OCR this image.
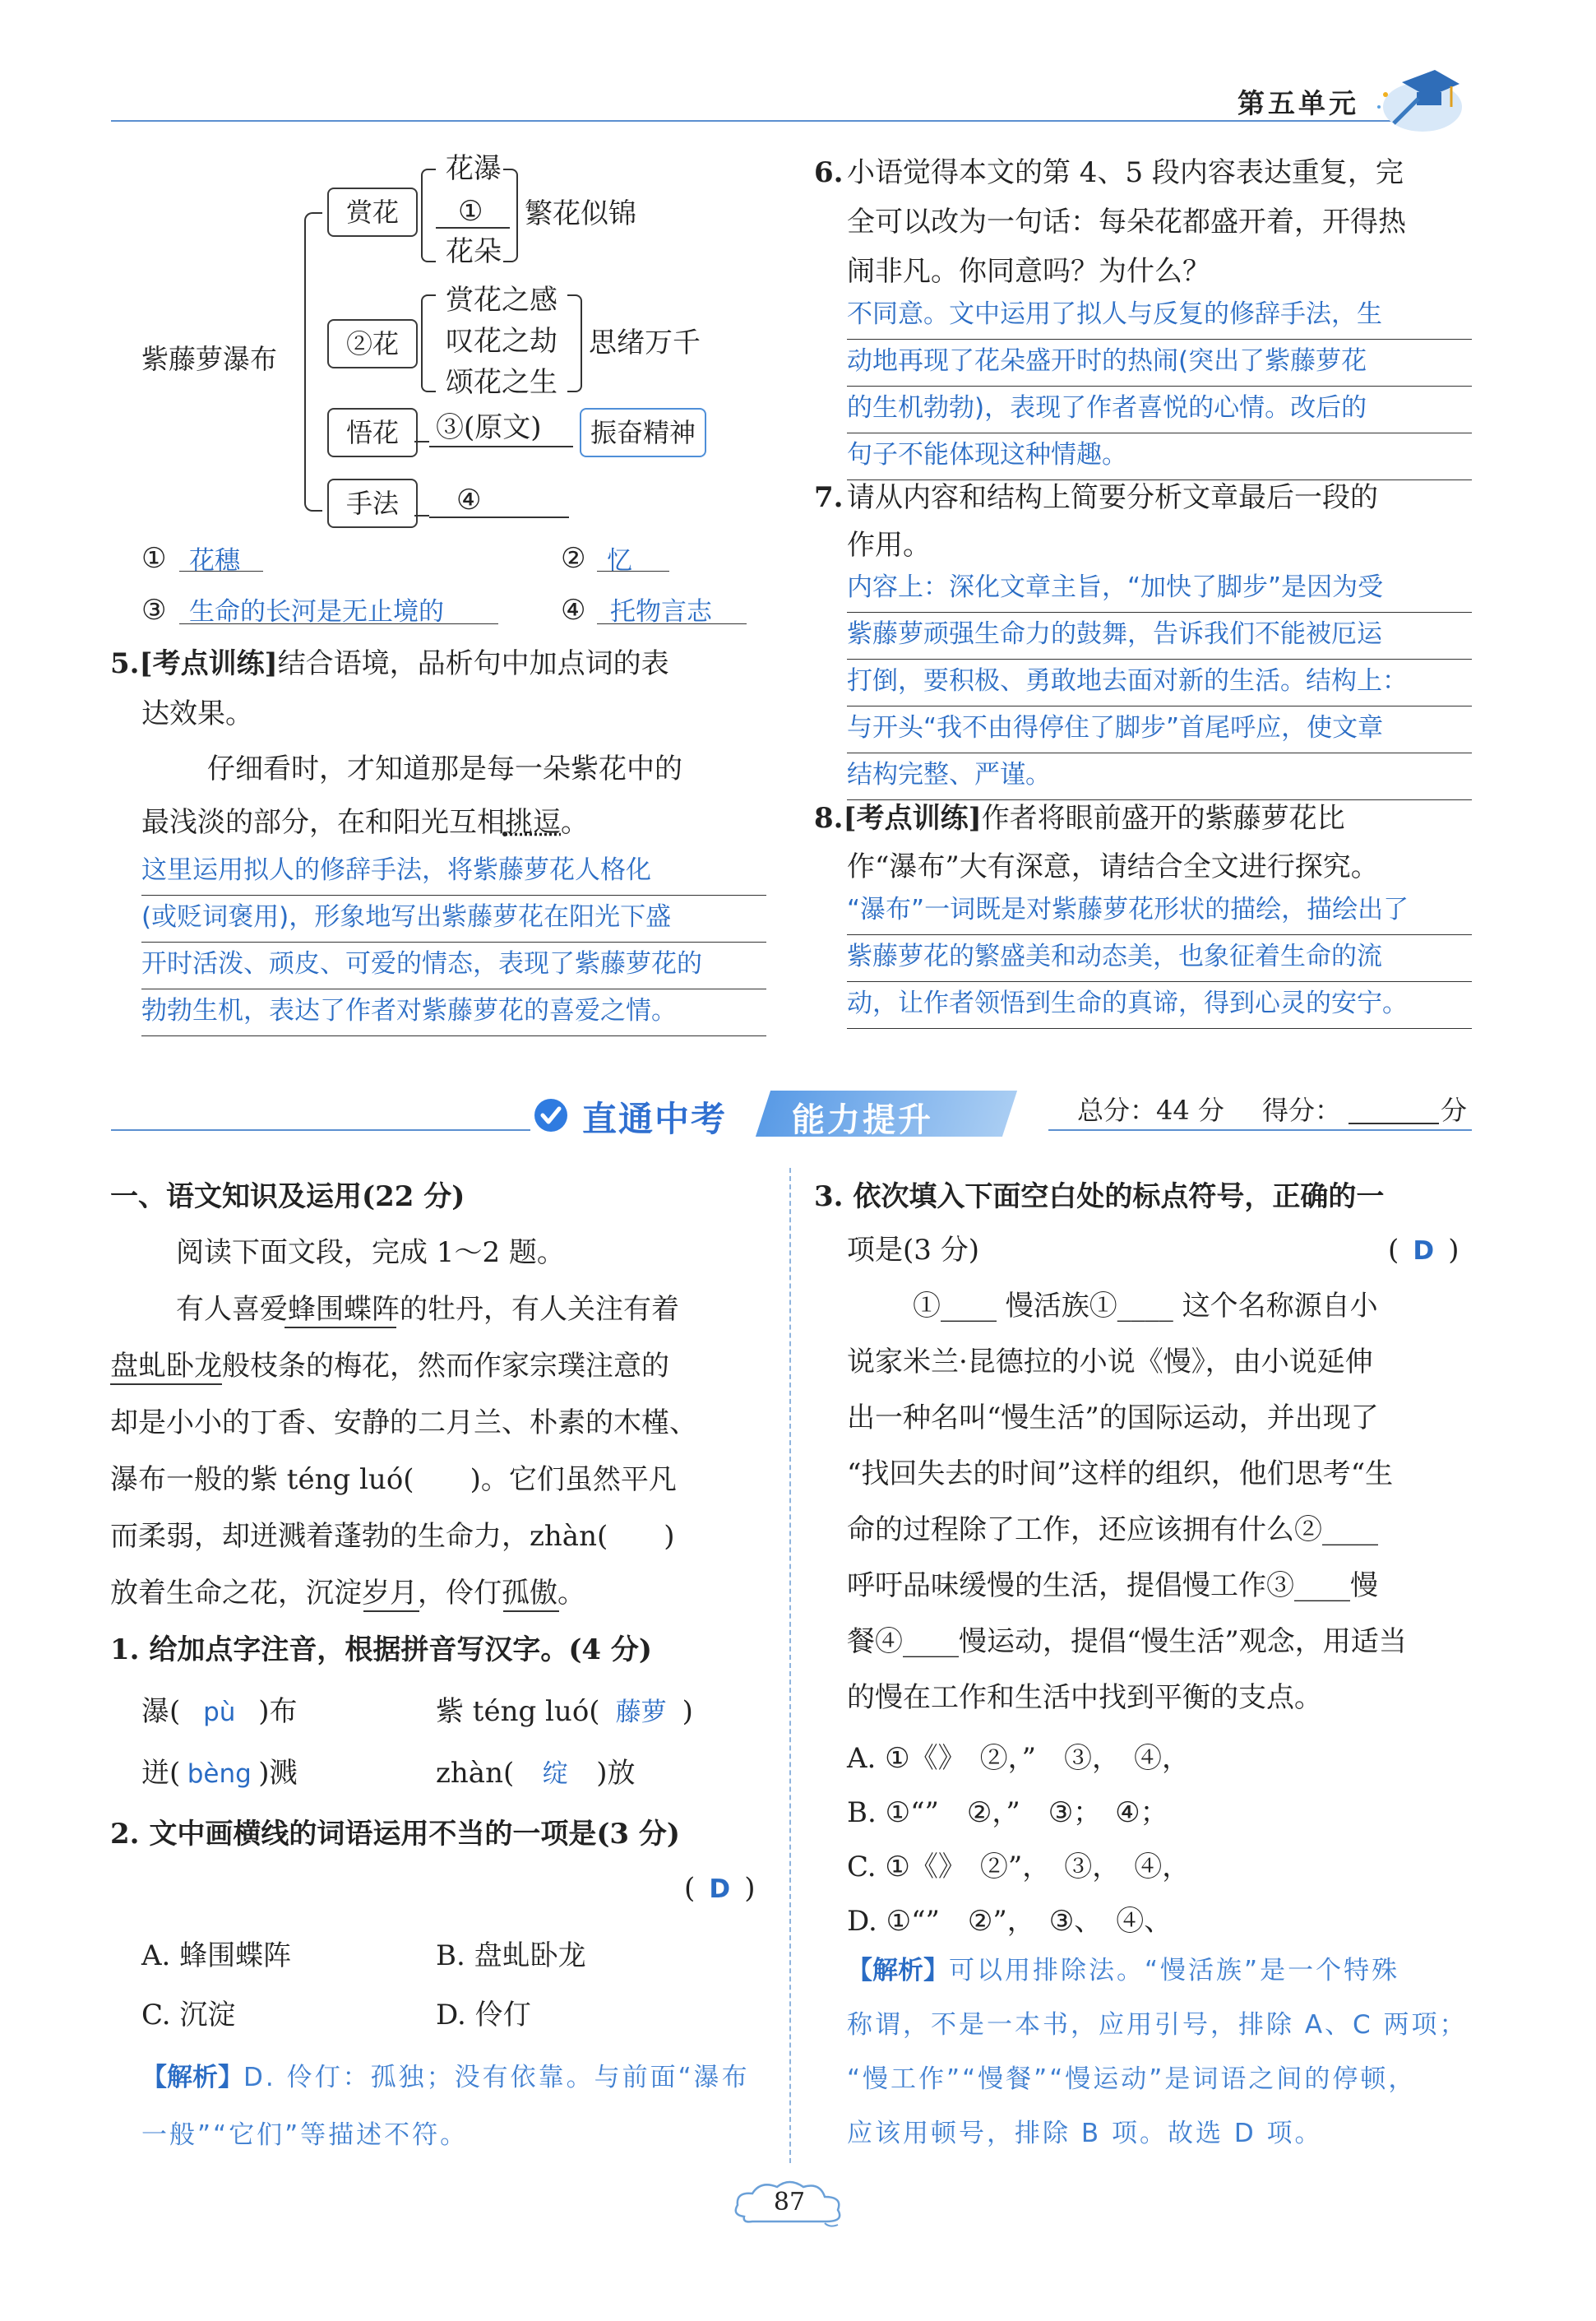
第五单元
紫藤萝瀑布
赏花
花瀑
①
花朵
繁花似锦
②花
赏花之感
叹花之劫
颂花之生
思绪万千
悟花	③(原文)	振奋精神
手法	④
① 花穗	② 忆
③ 生命的长河是无止境的	④ 托物言志
5.[考点训练]结合语境，品析句中加点词的表
达效果。
仔细看时，才知道那是每一朵紫花中的
最浅淡的部分，在和阳光互相挑逗。
这里运用拟人的修辞手法，将紫藤萝花人格化
(或贬词褒用)，形象地写出紫藤萝花在阳光下盛
开时活泼、顽皮、可爱的情态，表现了紫藤萝花的
勃勃生机，表达了作者对紫藤萝花的喜爱之情。
6. 小语觉得本文的第 4、5 段内容表达重复，完
全可以改为一句话：每朵花都盛开着，开得热
闹非凡。你同意吗？为什么？
不同意。文中运用了拟人与反复的修辞手法，生
动地再现了花朵盛开时的热闹(突出了紫藤萝花
的生机勃勃)，表现了作者喜悦的心情。改后的
句子不能体现这种情趣。
7. 请从内容和结构上简要分析文章最后一段的
作用。
内容上：深化文章主旨，“加快了脚步”是因为受
紫藤萝顽强生命力的鼓舞，告诉我们不能被厄运
打倒，要积极、勇敢地去面对新的生活。结构上：
与开头“我不由得停住了脚步”首尾呼应，使文章
结构完整、严谨。
8.[考点训练]作者将眼前盛开的紫藤萝花比
作“瀑布”大有深意，请结合全文进行探究。
“瀑布”一词既是对紫藤萝花形状的描绘，描绘出了
紫藤萝花的繁盛美和动态美，也象征着生命的流
动，让作者领悟到生命的真谛，得到心灵的安宁。
直通中考 能力提升	总分：44 分 得分：	分
一、语文知识及运用(22 分)
阅读下面文段，完成 1～2 题。
有人喜爱蜂围蝶阵的牡丹，有人关注有着
盘虬卧龙般枝条的梅花，然而作家宗璞注意的
却是小小的丁香、安静的二月兰、朴素的木槿、
瀑布一般的紫 téng luó(　　)。它们虽然平凡
而柔弱，却迸溅着蓬勃的生命力，zhàn(　　)
放着生命之花，沉淀岁月，伶仃孤傲。
1. 给加点字注音，根据拼音写汉字。(4 分)
瀑( pù )布	紫 téng luó( 藤萝 )
迸( bèng )溅	zhàn( 绽 )放
2. 文中画横线的词语运用不当的一项是(3 分)
( D )
A. 蜂围蝶阵	B. 盘虬卧龙
C. 沉淀	D. 伶仃
【解析】D. 伶仃：孤独；没有依靠。与前面“瀑布
一般”“它们”等描述不符。
3. 依次填入下面空白处的标点符号，正确的一
项是(3 分)	( D )
①____ 慢活族①____ 这个名称源自小
说家米兰·昆德拉的小说《慢》，由小说延伸
出一种名叫“慢生活”的国际运动，并出现了
“找回失去的时间”这样的组织，他们思考“生
命的过程除了工作，还应该拥有什么②____
呼吁品味缓慢的生活，提倡慢工作③____慢
餐④____慢运动，提倡“慢生活”观念，用适当
的慢在工作和生活中找到平衡的支点。
A. ①《》　②，”　③，　④，
B. ①“”　②，”　③；　④；
C. ①《》　②”，　③，　④，
D. ①“”　②”，　③、　④、
【解析】可以用排除法。“慢活族”是一个特殊
称谓，不是一本书，应用引号，排除 A、C 两项；
“慢工作”“慢餐”“慢运动”是词语之间的停顿，
应该用顿号，排除 B 项。故选 D 项。
87
